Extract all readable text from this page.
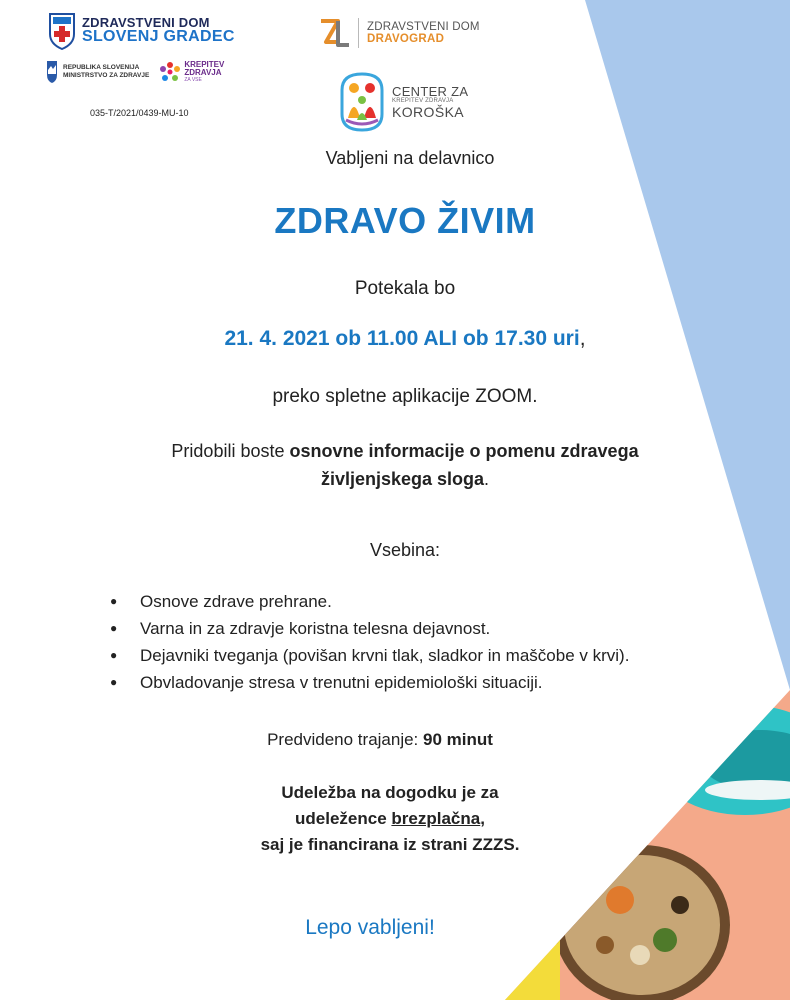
ZDRAVSTVENI DOM
SLOVENJ GRADEC
REPUBLIKA SLOVENIJA
MINISTRSTVO ZA ZDRAVJE
KREPITEV
ZDRAVJA
ZA VSE
035-T/2021/0439-MU-10
ZDRAVSTVENI DOM
DRAVOGRAD
CENTER ZA
KREPITEV ZDRAVJA
KOROŠKA
Vabljeni na delavnico
ZDRAVO ŽIVIM
Potekala bo
21. 4. 2021 ob 11.00 ALI ob 17.30 uri,
preko spletne aplikacije ZOOM.
Pridobili boste osnovne informacije o pomenu zdravega
življenjskega sloga.
Vsebina:
●	Osnove zdrave prehrane.
●	Varna in za zdravje koristna telesna dejavnost.
●	Dejavniki tveganja (povišan krvni tlak, sladkor in maščobe v krvi).
●	Obvladovanje stresa v trenutni epidemiološki situaciji.
Predvideno trajanje: 90 minut
Udeležba na dogodku je za
udeležence brezplačna,
saj je financirana iz strani ZZZS.
Lepo vabljeni!
